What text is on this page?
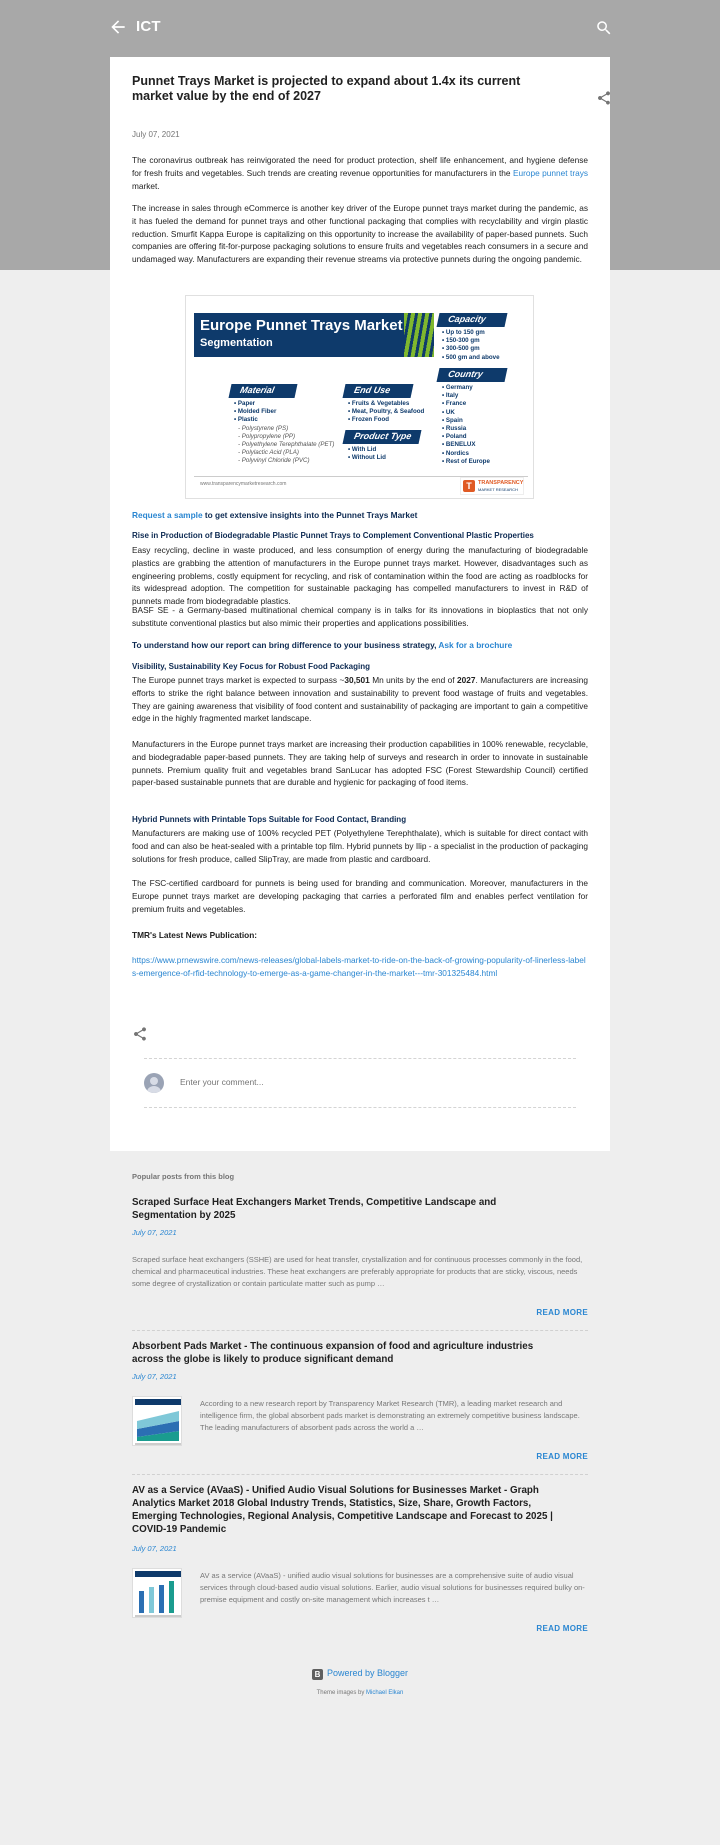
ICT
Punnet Trays Market is projected to expand about 1.4x its current market value by the end of 2027
July 07, 2021
The coronavirus outbreak has reinvigorated the need for product protection, shelf life enhancement, and hygiene defense for fresh fruits and vegetables. Such trends are creating revenue opportunities for manufacturers in the Europe punnet trays market.
The increase in sales through eCommerce is another key driver of the Europe punnet trays market during the pandemic, as it has fueled the demand for punnet trays and other functional packaging that complies with recyclability and virgin plastic reduction. Smurfit Kappa Europe is capitalizing on this opportunity to increase the availability of paper-based punnets. Such companies are offering fit-for-purpose packaging solutions to ensure fruits and vegetables reach consumers in a secure and undamaged way. Manufacturers are expanding their revenue streams via protective punnets during the ongoing pandemic.
Europe Punnet Trays Market
Segmentation
Capacity
• Up to 150 gm
• 150-300 gm
• 300-500 gm
• 500 gm and above
Country
• Germany
• Italy
• France
• UK
• Spain
• Russia
• Poland
• BENELUX
• Nordics
• Rest of Europe
Material
• Paper
• Molded Fiber
• Plastic
- Polystyrene (PS)
- Polypropylene (PP)
- Polyethylene Terephthalate (PET)
- Polylactic Acid (PLA)
- Polyvinyl Chloride (PVC)
End Use
• Fruits & Vegetables
• Meat, Poultry, & Seafood
• Frozen Food
Product Type
• With Lid
• Without Lid
www.transparencymarketresearch.com	T	TRANSPARENCY
MARKET RESEARCH
Request a sample to get extensive insights into the Punnet Trays Market
Rise in Production of Biodegradable Plastic Punnet Trays to Complement Conventional Plastic Properties
Easy recycling, decline in waste produced, and less consumption of energy during the manufacturing of biodegradable plastics are grabbing the attention of manufacturers in the Europe punnet trays market. However, disadvantages such as engineering problems, costly equipment for recycling, and risk of contamination within the food are acting as roadblocks for its widespread adoption. The competition for sustainable packaging has compelled manufacturers to invest in R&D of punnets made from biodegradable plastics.
BASF SE - a Germany-based multinational chemical company is in talks for its innovations in bioplastics that not only substitute conventional plastics but also mimic their properties and applications possibilities.
To understand how our report can bring difference to your business strategy, Ask for a brochure
Visibility, Sustainability Key Focus for Robust Food Packaging
The Europe punnet trays market is expected to surpass ~30,501 Mn units by the end of 2027. Manufacturers are increasing efforts to strike the right balance between innovation and sustainability to prevent food wastage of fruits and vegetables. They are gaining awareness that visibility of food content and sustainability of packaging are important to gain a competitive edge in the highly fragmented market landscape.
Manufacturers in the Europe punnet trays market are increasing their production capabilities in 100% renewable, recyclable, and biodegradable paper-based punnets. They are taking help of surveys and research in order to innovate in sustainable punnets. Premium quality fruit and vegetables brand SanLucar has adopted FSC (Forest Stewardship Council) certified paper-based sustainable punnets that are durable and hygienic for packaging of food items.
Hybrid Punnets with Printable Tops Suitable for Food Contact, Branding
Manufacturers are making use of 100% recycled PET (Polyethylene Terephthalate), which is suitable for direct contact with food and can also be heat-sealed with a printable top film. Hybrid punnets by Ilip - a specialist in the production of packaging solutions for fresh produce, called SlipTray, are made from plastic and cardboard.
The FSC-certified cardboard for punnets is being used for branding and communication. Moreover, manufacturers in the Europe punnet trays market are developing packaging that carries a perforated film and enables perfect ventilation for premium fruits and vegetables.
TMR's Latest News Publication:
https://www.prnewswire.com/news-releases/global-labels-market-to-ride-on-the-back-of-growing-popularity-of-linerless-labels-emergence-of-rfid-technology-to-emerge-as-a-game-changer-in-the-market---tmr-301325484.html
Enter your comment...
Popular posts from this blog
Scraped Surface Heat Exchangers Market Trends, Competitive Landscape and Segmentation by 2025
July 07, 2021
Scraped surface heat exchangers (SSHE) are used for heat transfer, crystallization and for continuous processes commonly in the food, chemical and pharmaceutical industries. These heat exchangers are preferably appropriate for products that are sticky, viscous, needs some degree of crystallization or contain particulate matter such as pump …
READ MORE
Absorbent Pads Market - The continuous expansion of food and agriculture industries across the globe is likely to produce significant demand
July 07, 2021
According to a new research report by Transparency Market Research (TMR), a leading market research and intelligence firm, the global absorbent pads market is demonstrating an extremely competitive business landscape. The leading manufacturers of absorbent pads across the world a …
READ MORE
AV as a Service (AVaaS) - Unified Audio Visual Solutions for Businesses Market - Graph Analytics Market 2018 Global Industry Trends, Statistics, Size, Share, Growth Factors, Emerging Technologies, Regional Analysis, Competitive Landscape and Forecast to 2025 | COVID-19 Pandemic
July 07, 2021
AV as a service (AVaaS) - unified audio visual solutions for businesses are a comprehensive suite of audio visual services through cloud-based audio visual solutions. Earlier, audio visual solutions for businesses required bulky on-premise equipment and costly on-site management which increases t …
READ MORE
B Powered by Blogger
Theme images by Michael Elkan
